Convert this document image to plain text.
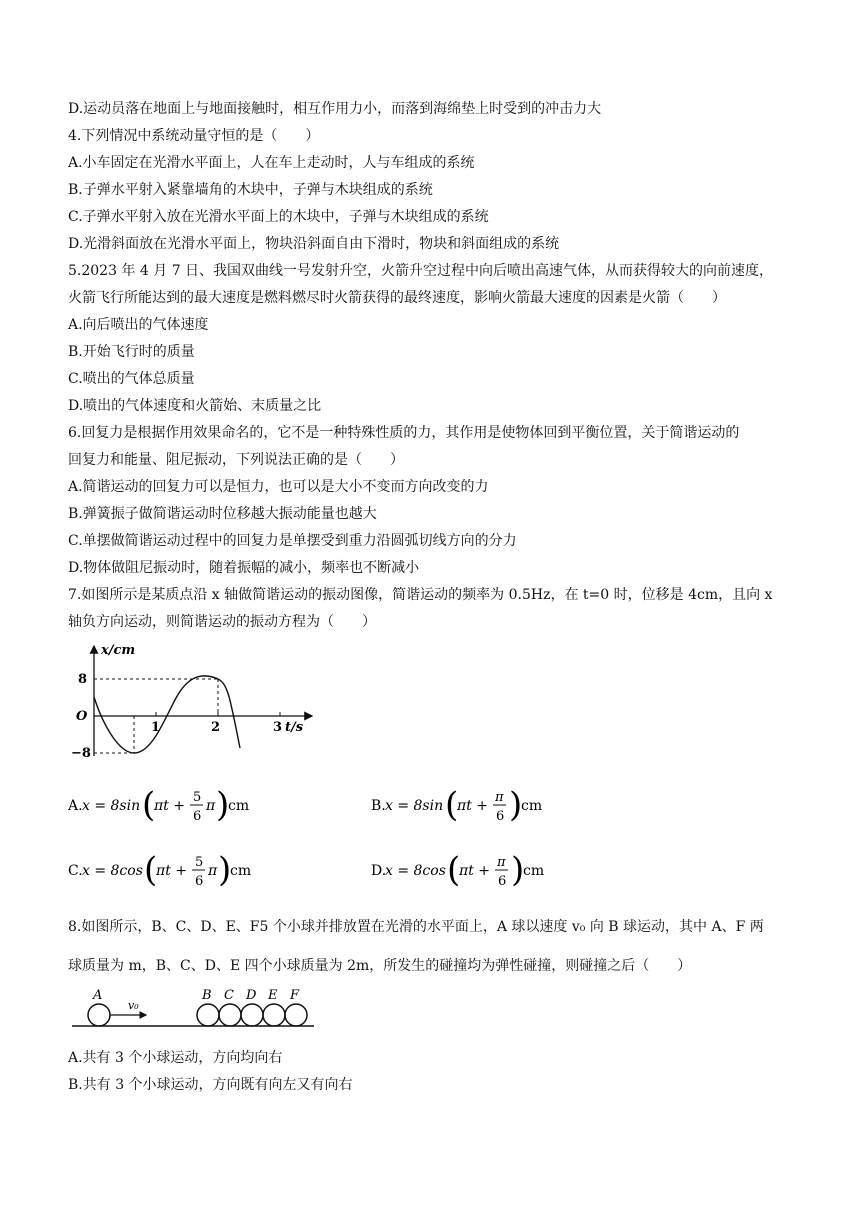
D.运动员落在地面上与地面接触时，相互作用力小，而落到海绵垫上时受到的冲击力大
4.下列情况中系统动量守恒的是（　　）
A.小车固定在光滑水平面上，人在车上走动时，人与车组成的系统
B.子弹水平射入紧靠墙角的木块中，子弹与木块组成的系统
C.子弹水平射入放在光滑水平面上的木块中，子弹与木块组成的系统
D.光滑斜面放在光滑水平面上，物块沿斜面自由下滑时，物块和斜面组成的系统
5.2023 年 4 月 7 日、我国双曲线一号发射升空，火箭升空过程中向后喷出高速气体，从而获得较大的向前速度，
火箭飞行所能达到的最大速度是燃料燃尽时火箭获得的最终速度，影响火箭最大速度的因素是火箭（　　）
A.向后喷出的气体速度
B.开始飞行时的质量
C.喷出的气体总质量
D.喷出的气体速度和火箭始、末质量之比
6.回复力是根据作用效果命名的，它不是一种特殊性质的力，其作用是使物体回到平衡位置，关于简谐运动的
回复力和能量、阻尼振动，下列说法正确的是（　　）
A.简谐运动的回复力可以是恒力，也可以是大小不变而方向改变的力
B.弹簧振子做简谐运动时位移越大振动能量也越大
C.单摆做简谐运动过程中的回复力是单摆受到重力沿圆弧切线方向的分力
D.物体做阻尼振动时，随着振幅的减小，频率也不断减小
7.如图所示是某质点沿 x 轴做简谐运动的振动图像，简谐运动的频率为 0.5Hz，在 t=0 时，位移是 4cm，且向 x
轴负方向运动，则简谐运动的振动方程为（　　）
x/cm
O
8
−8
1	2	3 t/s
A. x = 8sin (
πt +
5
6
π )
cm	B. x = 8sin (
πt +
π
6 )
cm
C. x = 8cos (
πt +
5
6
π )
cm	D.
x = 8cos (
πt +
π
6 )
cm
8.如图所示，B、C、D、E、F5 个小球并排放置在光滑的水平面上，A 球以速度 v₀ 向 B 球运动，其中 A、F 两
球质量为 m，B、C、D、E 四个小球质量为 2m，所发生的碰撞均为弹性碰撞，则碰撞之后（　　）
A
v₀
B C D E F
A.共有 3 个小球运动，方向均向右
B.共有 3 个小球运动，方向既有向左又有向右
